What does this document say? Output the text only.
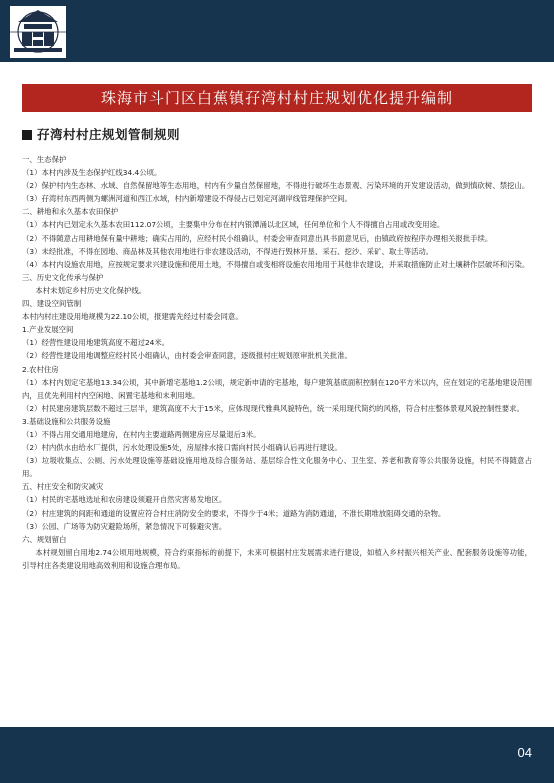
珠海市斗门区白蕉镇孖湾村村庄规划优化提升编制
孖湾村村庄规划管制规则

一、生态保护

（1）本村内涉及生态保护红线34.4公顷。

（2）保护村内生态林、水域、自然保留地等生态用地，村内有少量自然保留地，不得进行破坏生态景观、污染环境的开发建设活动，做到慎砍树、禁挖山。

（3）孖湾村东西两侧为螺洲河道和西江水域，村内新增建设不得侵占已划定河湖岸线管理保护空间。

二、耕地和永久基本农田保护

（1）本村内已划定永久基本农田112.07公顷，主要集中分布在村内银潭涌以北区域，任何单位和个人不得擅自占用或改变用途。

（2）不得随意占用耕地保有量中耕地；确实占用的，应经村民小组确认，村委会审查同意出具书面意见后，由镇政府按程序办理相关报批手续。

（3）未经批准，不得在园地、商品林及其他农用地进行非农建设活动，不得进行毁林开垦、采石、挖沙、采矿、取土等活动。

（4）本村内设施农用地，应按规定要求兴建设施和使用土地，不得擅自或变相将设施农用地用于其他非农建设，并采取措施防止对土壤耕作层破坏和污染。

三、历史文化传承与保护

本村未划定乡村历史文化保护线。

四、建设空间管制

本村内村庄建设用地规模为22.10公顷，报建需先经过村委会同意。

1.产业发展空间

（1）经营性建设用地建筑高度不超过24米。

（2）经营性建设用地调整应经村民小组确认，由村委会审查同意，逐级报村庄规划原审批机关批准。

2.农村住房

（1）本村内划定宅基地13.34公顷，其中新增宅基地1.2公顷，规定新申请的宅基地，每户建筑基底面积控制在120平方米以内，应在划定的宅基地建设范围内，且优先利用村内空闲地、闲置宅基地和未利用地。

（2）村民建房建筑层数不超过三层半，建筑高度不大于15米，应体现现代雅典风貌特色，统一采用现代简约的风格，符合村庄整体景观风貌控制性要求。

3.基础设施和公共服务设施

（1）不得占用交通用地建房，在村内主要道路两侧建房应尽量退后3米。

（2）村内供水由给水厂提供，污水处理设施5处，房屋排水接口需向村民小组确认后再进行建设。

（3）垃圾收集点、公厕、污水处理设施等基础设施用地及综合服务站、基层综合性文化服务中心、卫生室、养老和教育等公共服务设施，村民不得随意占用。

五、村庄安全和防灾减灾

（1）村民的宅基地选址和农房建设须避开自然灾害易发地区。

（2）村庄建筑的间距和通道的设置应符合村庄消防安全的要求，不得少于4米；道路为消防通道，不准长期堆放阻碍交通的杂物。

（3）公园、广场等为防灾避险场所，紧急情况下可躲避灾害。

六、规划留白

本村规划留白用地2.74公顷用地规模，符合约束指标的前提下，未来可根据村庄发展需求进行建设，如植入乡村振兴相关产业、配套服务设施等功能，引导村庄各类建设用地高效利用和设施合理布局。

04
